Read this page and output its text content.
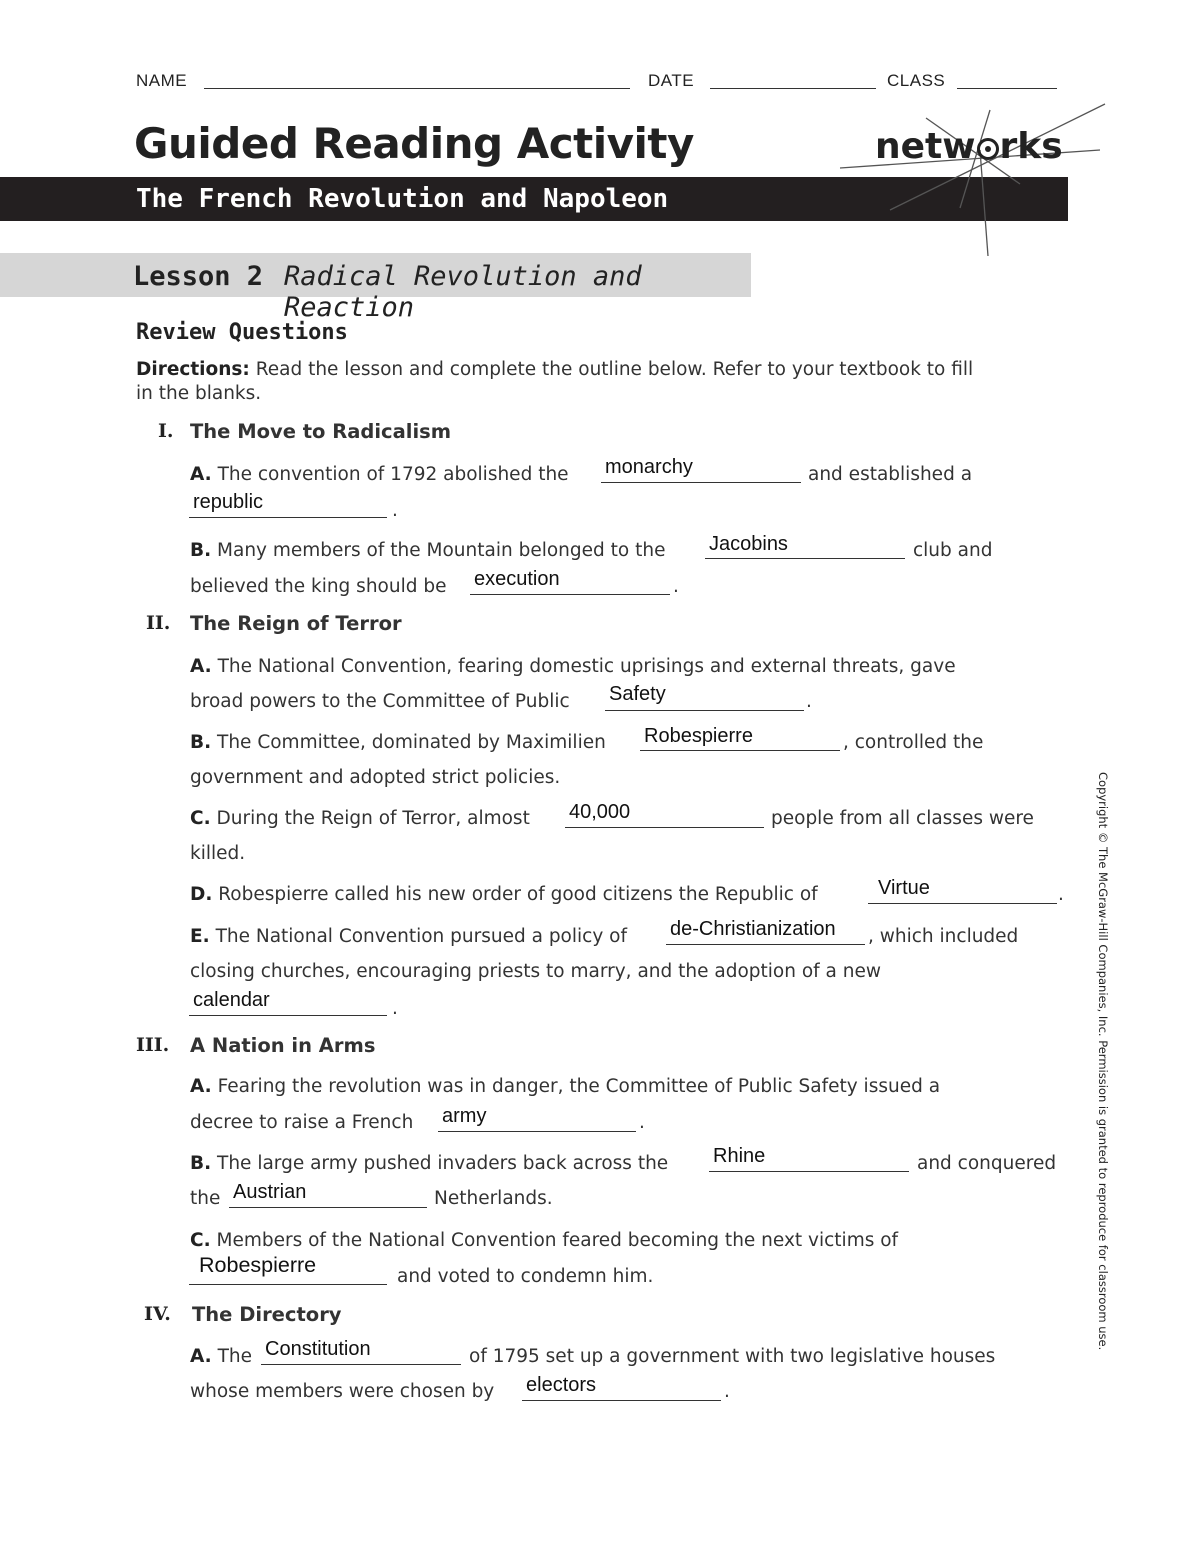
NAME	DATE	CLASS
Guided Reading Activity
The French Revolution and Napoleon
netw rks
Lesson 2 Radical Revolution and Reaction
Review Questions
Directions: Read the lesson and complete the outline below. Refer to your textbook to fill
in the blanks.
I. The Move to Radicalism
A. The convention of 1792 abolished the monarchy	and established a
republic	.
B. Many members of the Mountain belonged to the Jacobins	club and
believed the king should be execution	.
II. The Reign of Terror
A. The National Convention, fearing domestic uprisings and external threats, gave
broad powers to the Committee of Public Safety	.
B. The Committee, dominated by Maximilien Robespierre	, controlled the
government and adopted strict policies.
C. During the Reign of Terror, almost 40,000	people from all classes were
killed.
D. Robespierre called his new order of good citizens the Republic of	Virtue	.
E. The National Convention pursued a policy of de-Christianization , which included
closing churches, encouraging priests to marry, and the adoption of a new
calendar	.
III. A Nation in Arms
A. Fearing the revolution was in danger, the Committee of Public Safety issued a
decree to raise a French army	.
B. The large army pushed invaders back across the Rhine	and conquered
the Austrian	Netherlands.
C. Members of the National Convention feared becoming the next victims of
Robespierre	and voted to condemn him.
IV. The Directory
A. The Constitution	of 1795 set up a government with two legislative houses
whose members were chosen by electors	.
Copyright © The McGraw-Hill Companies, Inc. Permission is granted to reproduce for classroom use.
